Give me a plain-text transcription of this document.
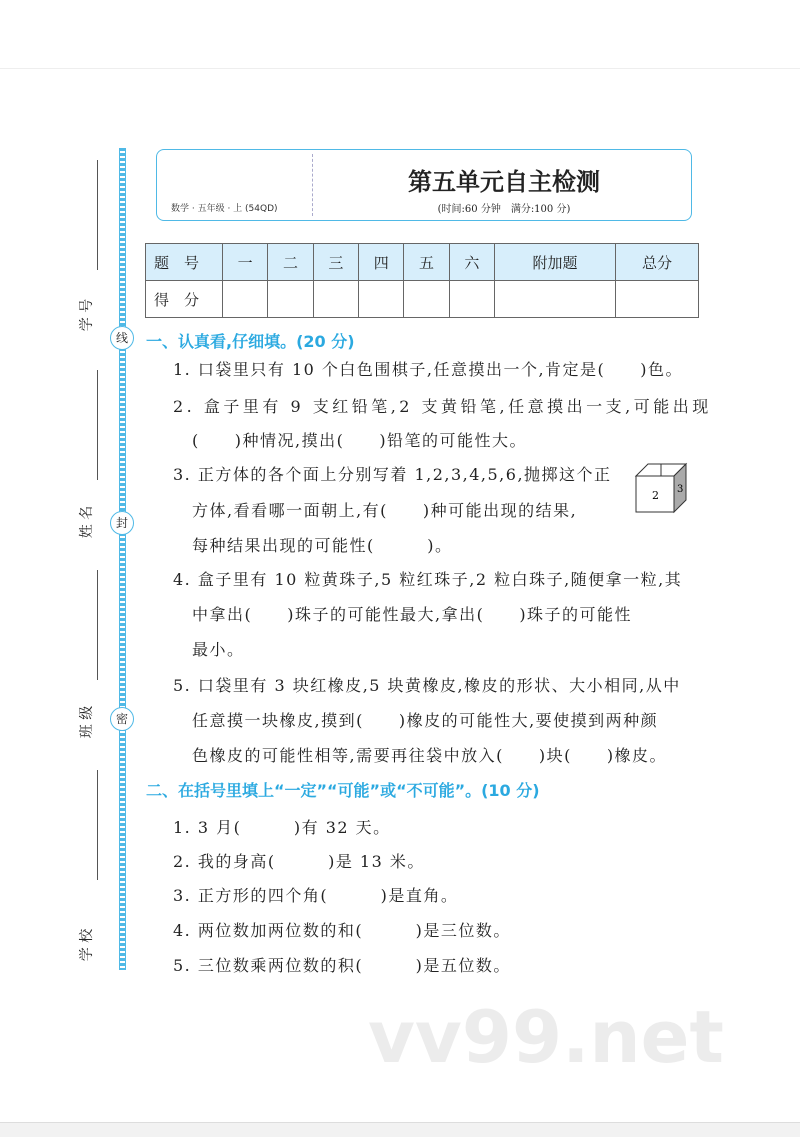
线
封
密
学 号
姓 名
班 级
学 校
数学 · 五年级 · 上 (54QD)
第五单元自主检测
(时间:60 分钟　满分:100 分)
题　号	一	二	三	四	五	六	附加题	总分
得　分								
一、认真看,仔细填。(20 分)
1. 口袋里只有 10 个白色围棋子,任意摸出一个,肯定是(　　)色。
2. 盒子里有 9 支红铅笔,2 支黄铅笔,任意摸出一支,可能出现
(　　)种情况,摸出(　　)铅笔的可能性大。
3. 正方体的各个面上分别写着 1,2,3,4,5,6,抛掷这个正
方体,看看哪一面朝上,有(　　)种可能出现的结果,
每种结果出现的可能性(　　　)。
2 3
4. 盒子里有 10 粒黄珠子,5 粒红珠子,2 粒白珠子,随便拿一粒,其
中拿出(　　)珠子的可能性最大,拿出(　　)珠子的可能性
最小。
5. 口袋里有 3 块红橡皮,5 块黄橡皮,橡皮的形状、大小相同,从中
任意摸一块橡皮,摸到(　　)橡皮的可能性大,要使摸到两种颜
色橡皮的可能性相等,需要再往袋中放入(　　)块(　　)橡皮。
二、在括号里填上“一定”“可能”或“不可能”。(10 分)
1. 3 月(　　　)有 32 天。
2. 我的身高(　　　)是 13 米。
3. 正方形的四个角(　　　)是直角。
4. 两位数加两位数的和(　　　)是三位数。
5. 三位数乘两位数的积(　　　)是五位数。
vv99.net
